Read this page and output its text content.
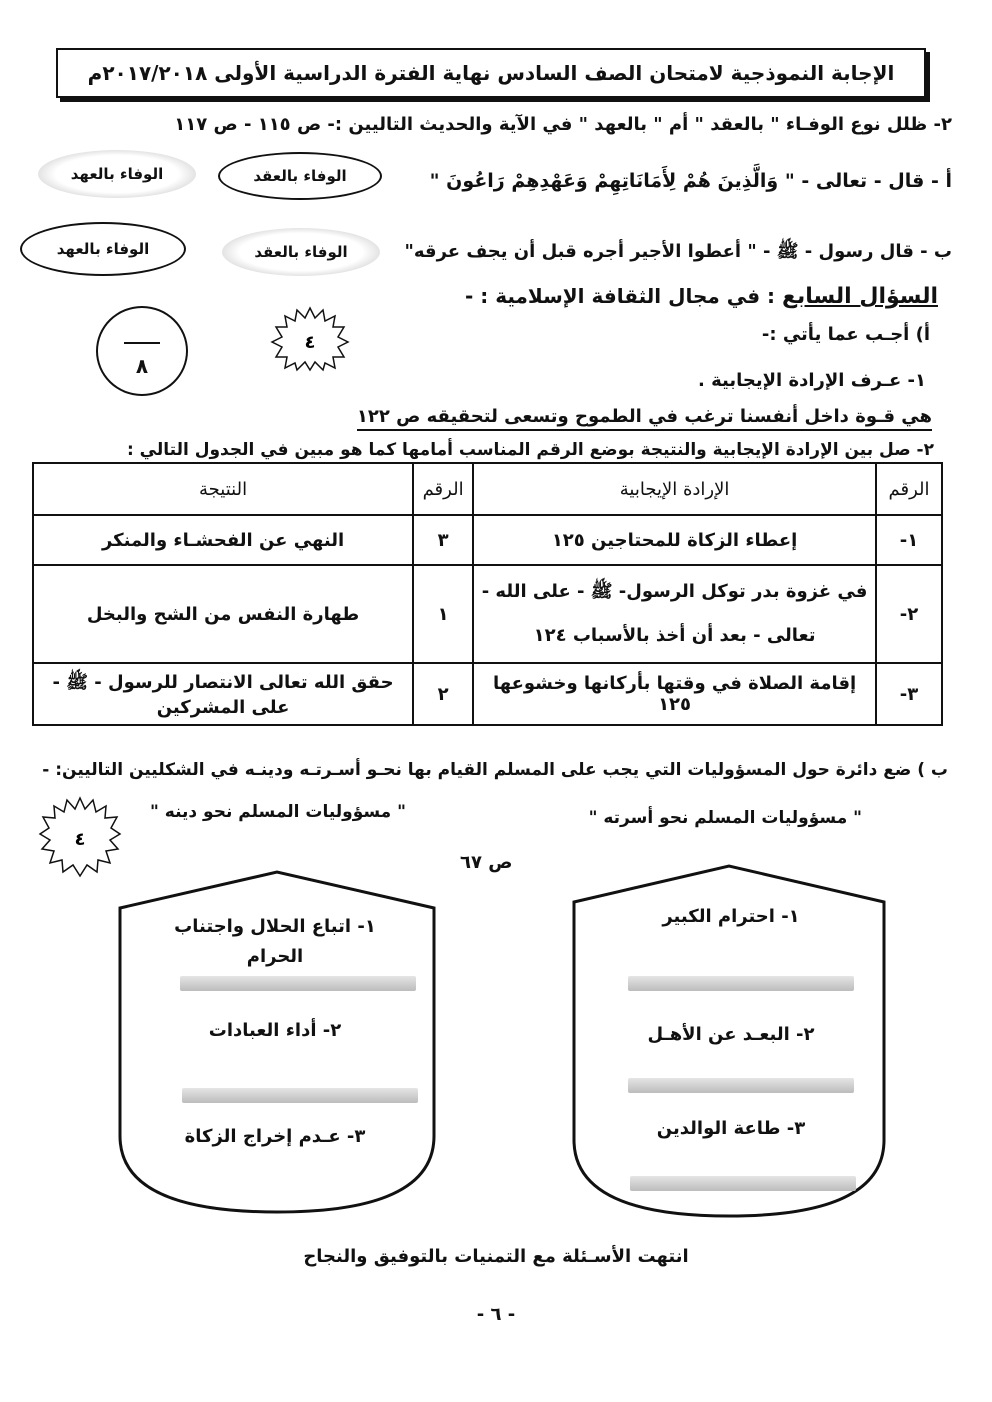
الإجابة النموذجية لامتحان الصف السادس نهاية الفترة الدراسية الأولى ٢٠١٧/٢٠١٨م
٢- ظلل نوع الوفـاء " بالعقد " أم " بالعهد " في الآية والحديث التاليين :- ص ١١٥ - ص ١١٧
أ - قال - تعالى - " وَالَّذِينَ هُمْ لِأَمَانَاتِهِمْ وَعَهْدِهِمْ رَاعُونَ "
الوفاء بالعقد
الوفاء بالعهد
ب - قال رسول - ﷺ - " أعطوا الأجير أجره قبل أن يجف عرقه"
الوفاء بالعقد
الوفاء بالعهد
السؤال السابع : في مجال الثقافة الإسلامية : -
٨
٤	أ) أجـب عما يأتي :-
١- عـرف الإرادة الإيجابية .
هي قـوة داخل أنفسنا ترغب في الطموح وتسعى لتحقيقه ص ١٢٢
٢- صل بين الإرادة الإيجابية والنتيجة بوضع الرقم المناسب أمامها كما هو مبين في الجدول التالي :
الرقم	الإرادة الإيجابية	الرقم	النتيجة
١-	إعطاء الزكاة للمحتاجين ١٢٥	٣	النهي عن الفحشـاء والمنكر
٢-	في غزوة بدر توكل الرسول- ﷺ - على الله - تعالى - بعد أن أخذ بالأسباب ١٢٤	١	طهارة النفس من الشح والبخل
٣-	إقامة الصلاة في وقتها بأركانها وخشوعها ١٢٥	٢	حقق الله تعالى الانتصار للرسول - ﷺ - على المشركين
ب ) ضع دائرة حول المسؤوليات التي يجب على المسلم القيام بها نحـو أسـرتـه ودينـه في الشكليين التاليين: -
٤
" مسؤوليات المسلم نحو أسرته "
" مسؤوليات المسلم نحو دينه "
ص ٦٧
١- اتباع الحلال واجتناب الحرام
٢- أداء العبادات
٣- عـدم إخراج الزكاة
١- احترام الكبير
٢- البعـد عن الأهـل
٣- طاعة الوالدين
انتهت الأسـئلة مع التمنيات بالتوفيق والنجاح
- ٦ -
